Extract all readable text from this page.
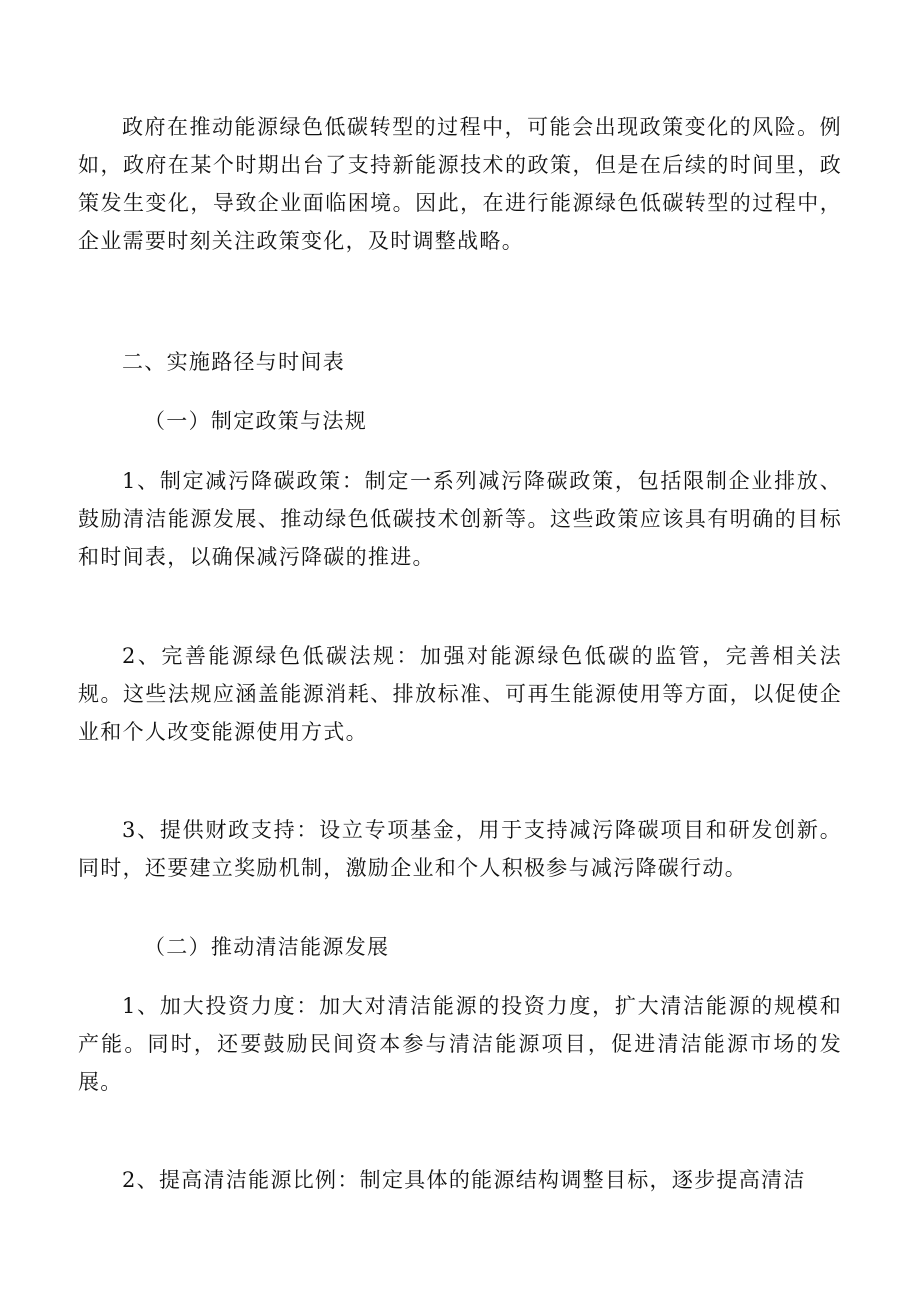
政府在推动能源绿色低碳转型的过程中，可能会出现政策变化的风险。例如，政府在某个时期出台了支持新能源技术的政策，但是在后续的时间里，政策发生变化，导致企业面临困境。因此，在进行能源绿色低碳转型的过程中，企业需要时刻关注政策变化，及时调整战略。

二、实施路径与时间表

（一）制定政策与法规

1、制定减污降碳政策：制定一系列减污降碳政策，包括限制企业排放、鼓励清洁能源发展、推动绿色低碳技术创新等。这些政策应该具有明确的目标和时间表，以确保减污降碳的推进。

2、完善能源绿色低碳法规：加强对能源绿色低碳的监管，完善相关法规。这些法规应涵盖能源消耗、排放标准、可再生能源使用等方面，以促使企业和个人改变能源使用方式。

3、提供财政支持：设立专项基金，用于支持减污降碳项目和研发创新。同时，还要建立奖励机制，激励企业和个人积极参与减污降碳行动。

（二）推动清洁能源发展

1、加大投资力度：加大对清洁能源的投资力度，扩大清洁能源的规模和产能。同时，还要鼓励民间资本参与清洁能源项目，促进清洁能源市场的发展。

2、提高清洁能源比例：制定具体的能源结构调整目标，逐步提高清洁
